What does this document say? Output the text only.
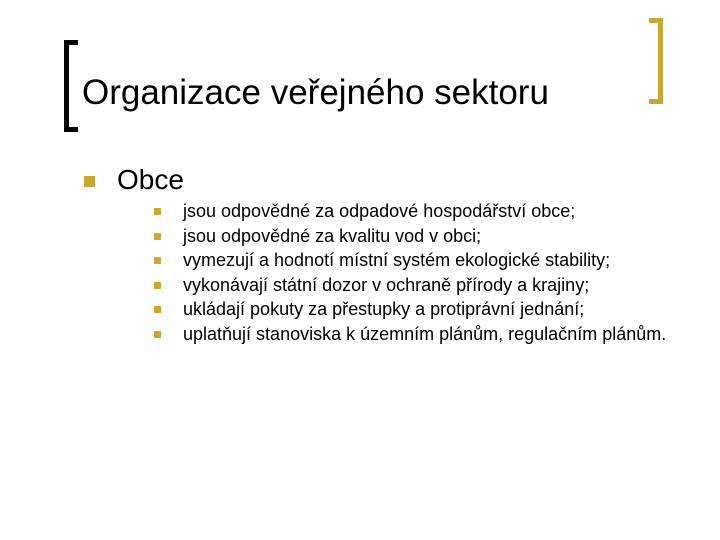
Organizace veřejného sektoru
Obce
jsou odpovědné za odpadové hospodářství obce;
jsou odpovědné za kvalitu vod v obci;
vymezují a hodnotí místní systém ekologické stability;
vykonávají státní dozor v ochraně přírody a krajiny;
ukládají pokuty za přestupky a protiprávní jednání;
uplatňují stanoviska k územním plánům, regulačním plánům.
